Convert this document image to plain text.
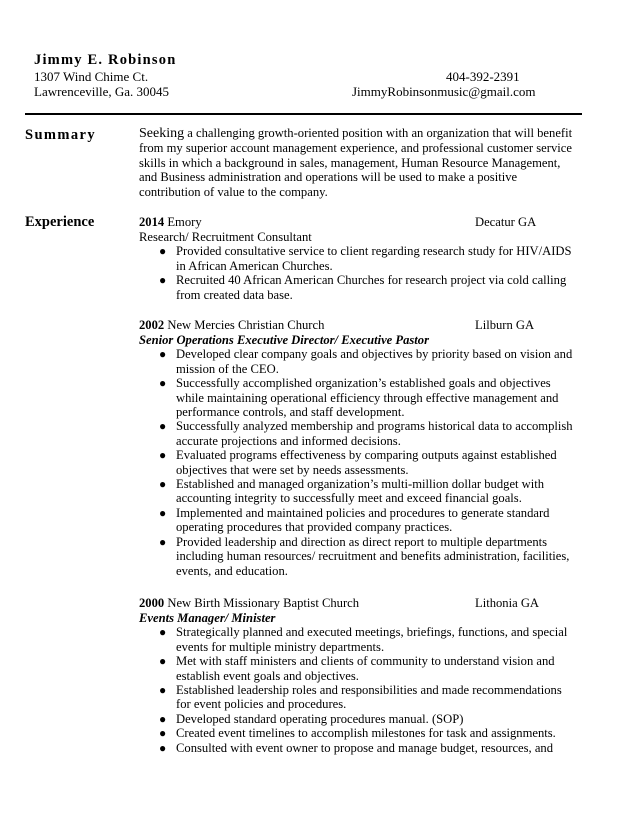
Jimmy E. Robinson
1307 Wind Chime Ct.
Lawrenceville, Ga. 30045
404-392-2391
JimmyRobinsonmusic@gmail.com
Summary	Seeking a challenging growth-oriented position with an organization that will benefit from my superior account management experience, and professional customer service skills in which a background in sales, management, Human Resource Management, and Business administration and operations will be used to make a positive contribution of value to the company.
Experience	2014 Emory	Decatur GA
Research/ Recruitment Consultant
● Provided consultative service to client regarding research study for HIV/AIDS in African American Churches.
● Recruited 40 African American Churches for research project via cold calling from created data base.
2002 New Mercies Christian Church	Lilburn GA
Senior Operations Executive Director/ Executive Pastor
● Developed clear company goals and objectives by priority based on vision and mission of the CEO.
● Successfully accomplished organization’s established goals and objectives while maintaining operational efficiency through effective management and performance controls, and staff development.
● Successfully analyzed membership and programs historical data to accomplish accurate projections and informed decisions.
● Evaluated programs effectiveness by comparing outputs against established objectives that were set by needs assessments.
● Established and managed organization’s multi-million dollar budget with accounting integrity to successfully meet and exceed financial goals.
● Implemented and maintained policies and procedures to generate standard operating procedures that provided company practices.
● Provided leadership and direction as direct report to multiple departments including human resources/ recruitment and benefits administration, facilities, events, and education.
2000 New Birth Missionary Baptist Church	Lithonia GA
Events Manager/ Minister
● Strategically planned and executed meetings, briefings, functions, and special events for multiple ministry departments.
● Met with staff ministers and clients of community to understand vision and establish event goals and objectives.
● Established leadership roles and responsibilities and made recommendations for event policies and procedures.
● Developed standard operating procedures manual. (SOP)
● Created event timelines to accomplish milestones for task and assignments.
● Consulted with event owner to propose and manage budget, resources, and
